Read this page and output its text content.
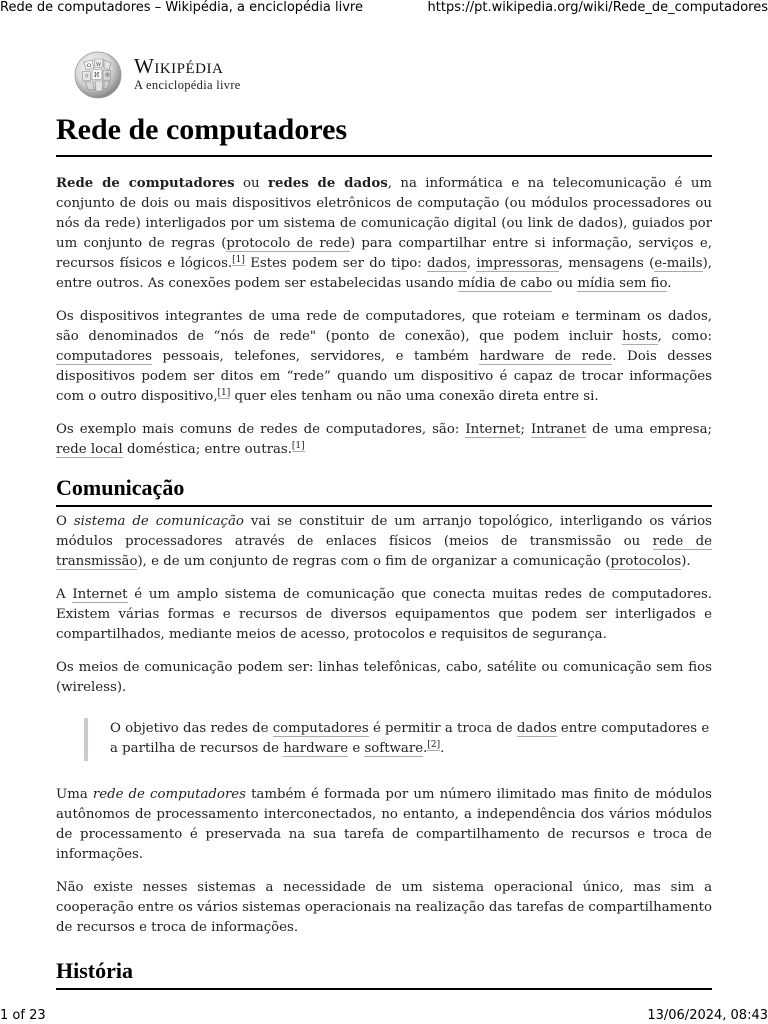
Rede de computadores – Wikipédia, a enciclopédia livre	https://pt.wikipedia.org/wiki/Rede_de_computadores
Ω W
И 维
ウ Wikipédia
A enciclopédia livre
Rede de computadores

Rede de computadores ou redes de dados, na informática e na telecomunicação é um conjunto de dois ou mais dispositivos eletrônicos de computação (ou módulos processadores ou nós da rede) interligados por um sistema de comunicação digital (ou link de dados), guiados por um conjunto de regras (protocolo de rede) para compartilhar entre si informação, serviços e, recursos físicos e lógicos.[1] Estes podem ser do tipo: dados, impressoras, mensagens (e-mails), entre outros. As conexões podem ser estabelecidas usando mídia de cabo ou mídia sem fio.

Os dispositivos integrantes de uma rede de computadores, que roteiam e terminam os dados, são denominados de “nós de rede" (ponto de conexão), que podem incluir hosts, como: computadores pessoais, telefones, servidores, e também hardware de rede. Dois desses dispositivos podem ser ditos em “rede” quando um dispositivo é capaz de trocar informações com o outro dispositivo,[1] quer eles tenham ou não uma conexão direta entre si.

Os exemplo mais comuns de redes de computadores, são: Internet; Intranet de uma empresa; rede local doméstica; entre outras.[1]

Comunicação

O sistema de comunicação vai se constituir de um arranjo topológico, interligando os vários módulos processadores através de enlaces físicos (meios de transmissão ou rede de transmissão), e de um conjunto de regras com o fim de organizar a comunicação (protocolos).

A Internet é um amplo sistema de comunicação que conecta muitas redes de computadores. Existem várias formas e recursos de diversos equipamentos que podem ser interligados e compartilhados, mediante meios de acesso, protocolos e requisitos de segurança.

Os meios de comunicação podem ser: linhas telefônicas, cabo, satélite ou comunicação sem fios (wireless).

O objetivo das redes de computadores é permitir a troca de dados entre computadores e a partilha de recursos de hardware e software.[2].

Uma rede de computadores também é formada por um número ilimitado mas finito de módulos autônomos de processamento interconectados, no entanto, a independência dos vários módulos de processamento é preservada na sua tarefa de compartilhamento de recursos e troca de informações.

Não existe nesses sistemas a necessidade de um sistema operacional único, mas sim a cooperação entre os vários sistemas operacionais na realização das tarefas de compartilhamento de recursos e troca de informações.

História
1 of 23	13/06/2024, 08:43
